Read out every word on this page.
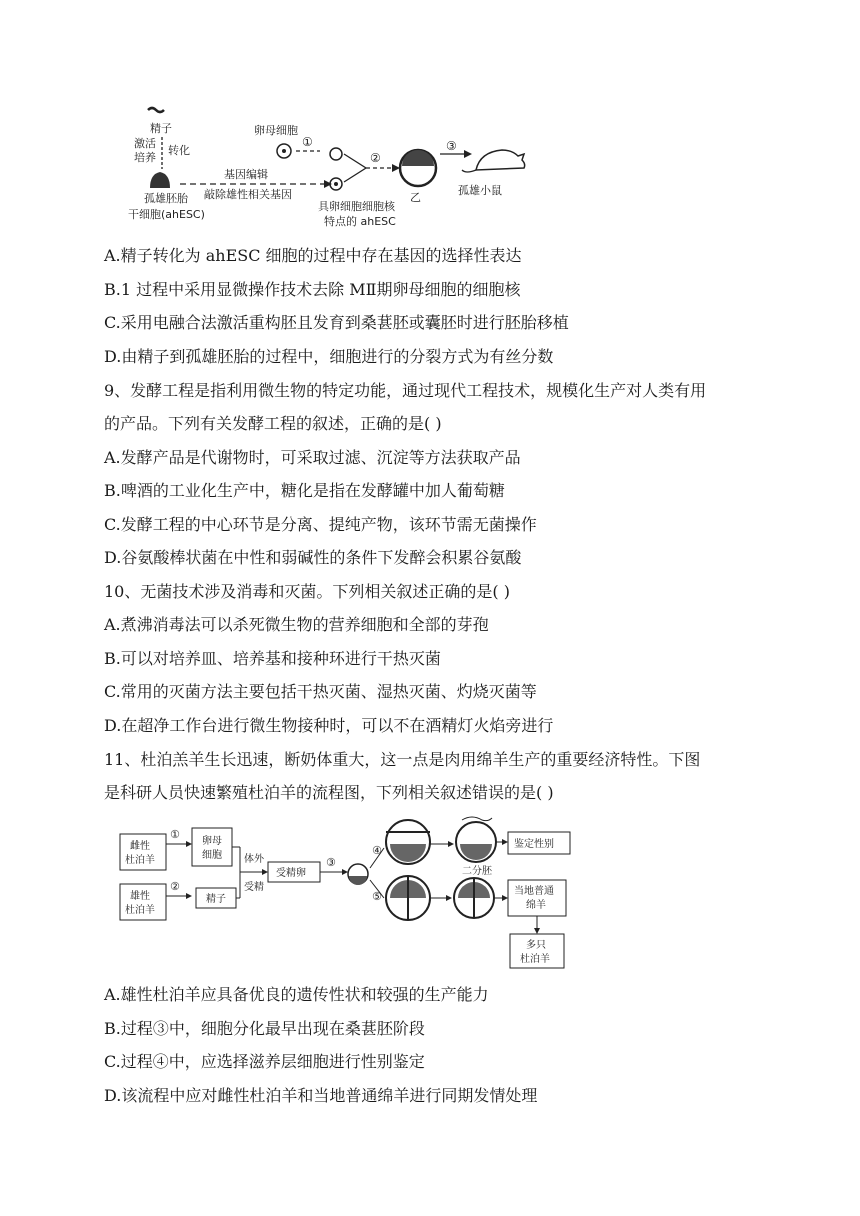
精子
激活
培养
转化
孤雄胚胎
干细胞(ahESC)
基因编辑
敲除雄性相关基因
卵母细胞
①
②
乙
③
孤雄小鼠
具卵细胞细胞核
特点的 ahESC
A.精子转化为 ahESC 细胞的过程中存在基因的选择性表达
B.1 过程中采用显微操作技术去除 MⅡ期卵母细胞的细胞核
C.采用电融合法激活重构胚且发育到桑葚胚或囊胚时进行胚胎移植
D.由精子到孤雄胚胎的过程中，细胞进行的分裂方式为有丝分数
9、发酵工程是指利用微生物的特定功能，通过现代工程技术，规模化生产对人类有用
的产品。下列有关发酵工程的叙述，正确的是( )
A.发酵产品是代谢物时，可采取过滤、沉淀等方法获取产品
B.啤酒的工业化生产中，糖化是指在发酵罐中加人葡萄糖
C.发酵工程的中心环节是分离、提纯产物，该环节需无菌操作
D.谷氨酸棒状菌在中性和弱碱性的条件下发醉会积累谷氨酸
10、无菌技术涉及消毒和灭菌。下列相关叙述正确的是( )
A.煮沸消毒法可以杀死微生物的营养细胞和全部的芽孢
B.可以对培养皿、培养基和接种环进行干热灭菌
C.常用的灭菌方法主要包括干热灭菌、湿热灭菌、灼烧灭菌等
D.在超净工作台进行微生物接种时，可以不在酒精灯火焰旁进行
11、杜泊羔羊生长迅速，断奶体重大，这一点是肉用绵羊生产的重要经济特性。下图
是科研人员快速繁殖杜泊羊的流程图，下列相关叙述错误的是( )
雌性
杜泊羊
雄性
杜泊羊
①
②
卵母
细胞
精子
体外
受精
受精卵
③
④
⑤
二分胚
鉴定性别
当地普通
绵羊
多只
杜泊羊
A.雄性杜泊羊应具备优良的遗传性状和较强的生产能力
B.过程③中，细胞分化最早出现在桑葚胚阶段
C.过程④中，应选择滋养层细胞进行性别鉴定
D.该流程中应对雌性杜泊羊和当地普通绵羊进行同期发情处理
